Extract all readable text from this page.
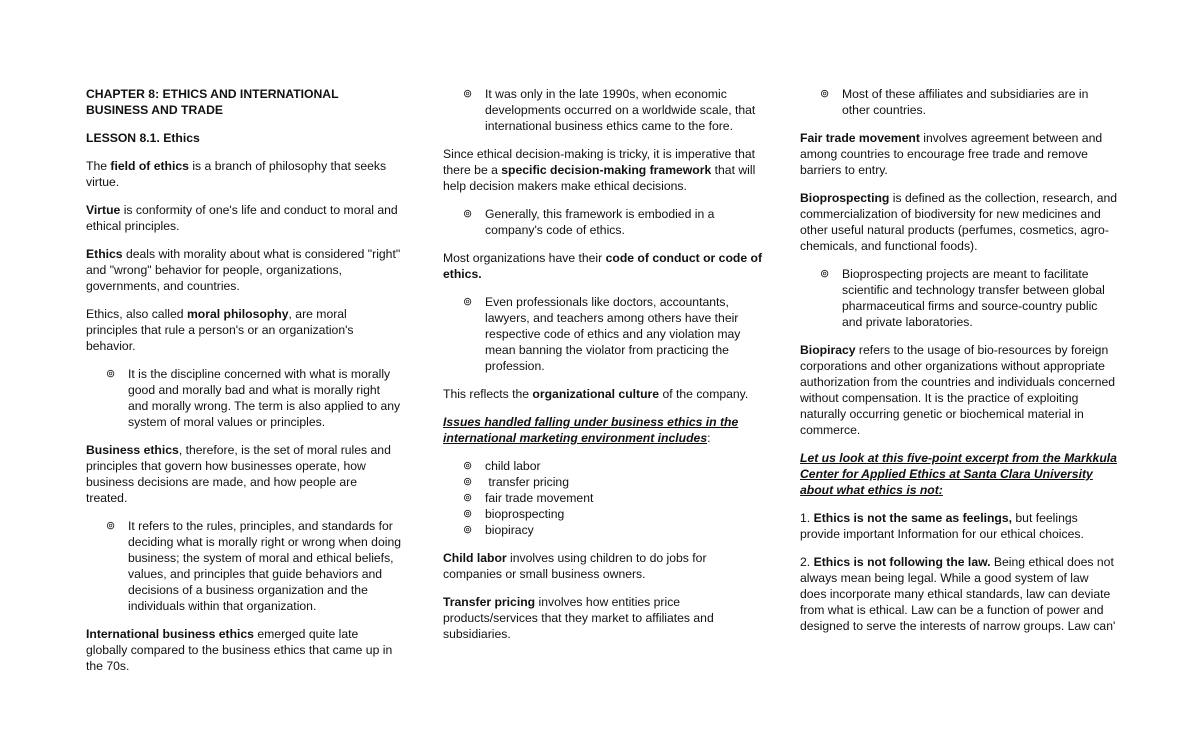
CHAPTER 8: ETHICS AND INTERNATIONAL BUSINESS AND TRADE
LESSON 8.1. Ethics

The field of ethics is a branch of philosophy that seeks virtue.

Virtue is conformity of one's life and conduct to moral and ethical principles.

Ethics deals with morality about what is considered "right" and "wrong" behavior for people, organizations, governments, and countries.

Ethics, also called moral philosophy, are moral principles that rule a person's or an organization's behavior.

⊚ It is the discipline concerned with what is morally good and morally bad and what is morally right and morally wrong. The term is also applied to any system of moral values or principles.

Business ethics, therefore, is the set of moral rules and principles that govern how businesses operate, how business decisions are made, and how people are treated.

⊚ It refers to the rules, principles, and standards for deciding what is morally right or wrong when doing business; the system of moral and ethical beliefs, values, and principles that guide behaviors and decisions of a business organization and the individuals within that organization.

International business ethics emerged quite late globally compared to the business ethics that came up in the 70s.

⊚ It was only in the late 1990s, when economic developments occurred on a worldwide scale, that international business ethics came to the fore.

Since ethical decision-making is tricky, it is imperative that there be a specific decision-making framework that will help decision makers make ethical decisions.

⊚ Generally, this framework is embodied in a company's code of ethics.

Most organizations have their code of conduct or code of ethics.

⊚ Even professionals like doctors, accountants, lawyers, and teachers among others have their respective code of ethics and any violation may mean banning the violator from practicing the profession.

This reflects the organizational culture of the company.

Issues handled falling under business ethics in the international marketing environment includes:

⊚ child labor
⊚ transfer pricing
⊚ fair trade movement
⊚ bioprospecting
⊚ biopiracy

Child labor involves using children to do jobs for companies or small business owners.

Transfer pricing involves how entities price products/services that they market to affiliates and subsidiaries.

⊚ Most of these affiliates and subsidiaries are in other countries.

Fair trade movement involves agreement between and among countries to encourage free trade and remove barriers to entry.

Bioprospecting is defined as the collection, research, and commercialization of biodiversity for new medicines and other useful natural products (perfumes, cosmetics, agro-chemicals, and functional foods).

⊚ Bioprospecting projects are meant to facilitate scientific and technology transfer between global pharmaceutical firms and source-country public and private laboratories.

Biopiracy refers to the usage of bio-resources by foreign corporations and other organizations without appropriate authorization from the countries and individuals concerned without compensation. It is the practice of exploiting naturally occurring genetic or biochemical material in commerce.

Let us look at this five-point excerpt from the Markkula Center for Applied Ethics at Santa Clara University about what ethics is not:

1. Ethics is not the same as feelings, but feelings provide important Information for our ethical choices.

2. Ethics is not following the law. Being ethical does not always mean being legal. While a good system of law does incorporate many ethical standards, law can deviate from what is ethical. Law can be a function of power and designed to serve the interests of narrow groups. Law can'
